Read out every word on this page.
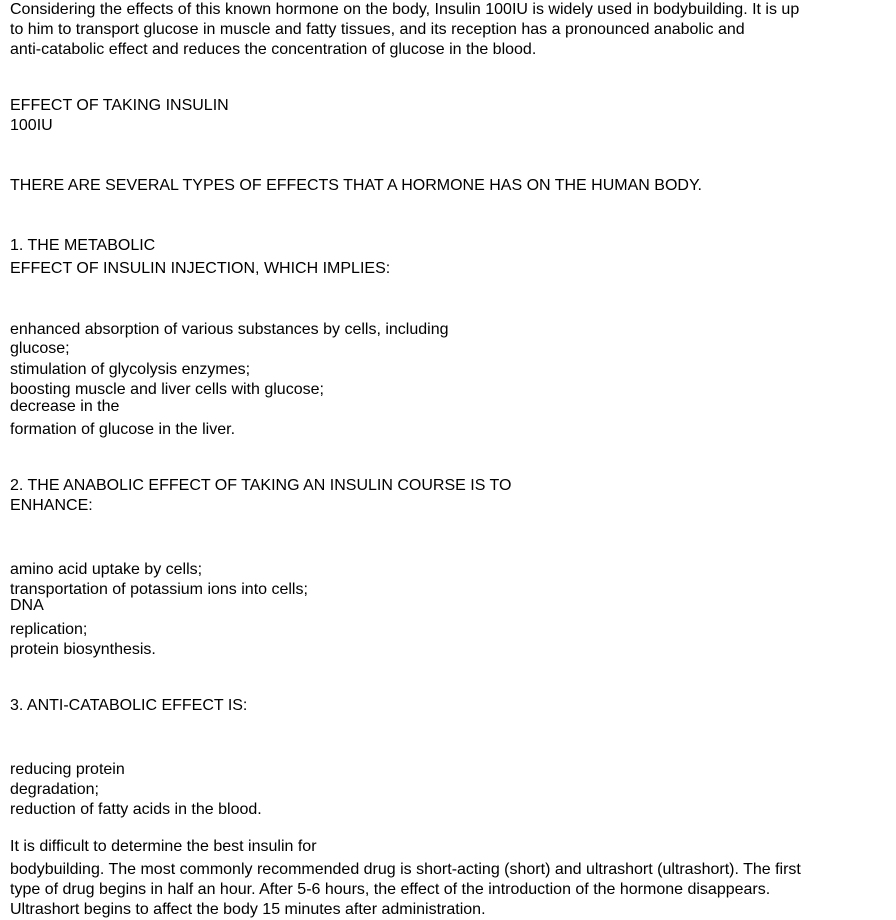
Considering the effects of this known hormone on the body, Insulin 100IU is widely used in bodybuilding. It is up

to him to transport glucose in muscle and fatty tissues, and its reception has a pronounced anabolic and

anti-catabolic effect and reduces the concentration of glucose in the blood.

EFFECT OF TAKING INSULIN
100IU
THERE ARE SEVERAL TYPES OF EFFECTS THAT A HORMONE HAS ON THE HUMAN BODY.
1. THE METABOLIC
EFFECT OF INSULIN INJECTION, WHICH IMPLIES:
enhanced absorption of various substances by cells, including
glucose;
stimulation of glycolysis enzymes;
boosting muscle and liver cells with glucose;
decrease in the
formation of glucose in the liver.
2. THE ANABOLIC EFFECT OF TAKING AN INSULIN COURSE IS TO
ENHANCE:
amino acid uptake by cells;
transportation of potassium ions into cells;
DNA
replication;
protein biosynthesis.
3. ANTI-CATABOLIC EFFECT IS:
reducing protein
degradation;
reduction of fatty acids in the blood.

It is difficult to determine the best insulin for

bodybuilding. The most commonly recommended drug is short-acting (short) and ultrashort (ultrashort). The first

type of drug begins in half an hour. After 5-6 hours, the effect of the introduction of the hormone disappears.

Ultrashort begins to affect the body 15 minutes after administration.
